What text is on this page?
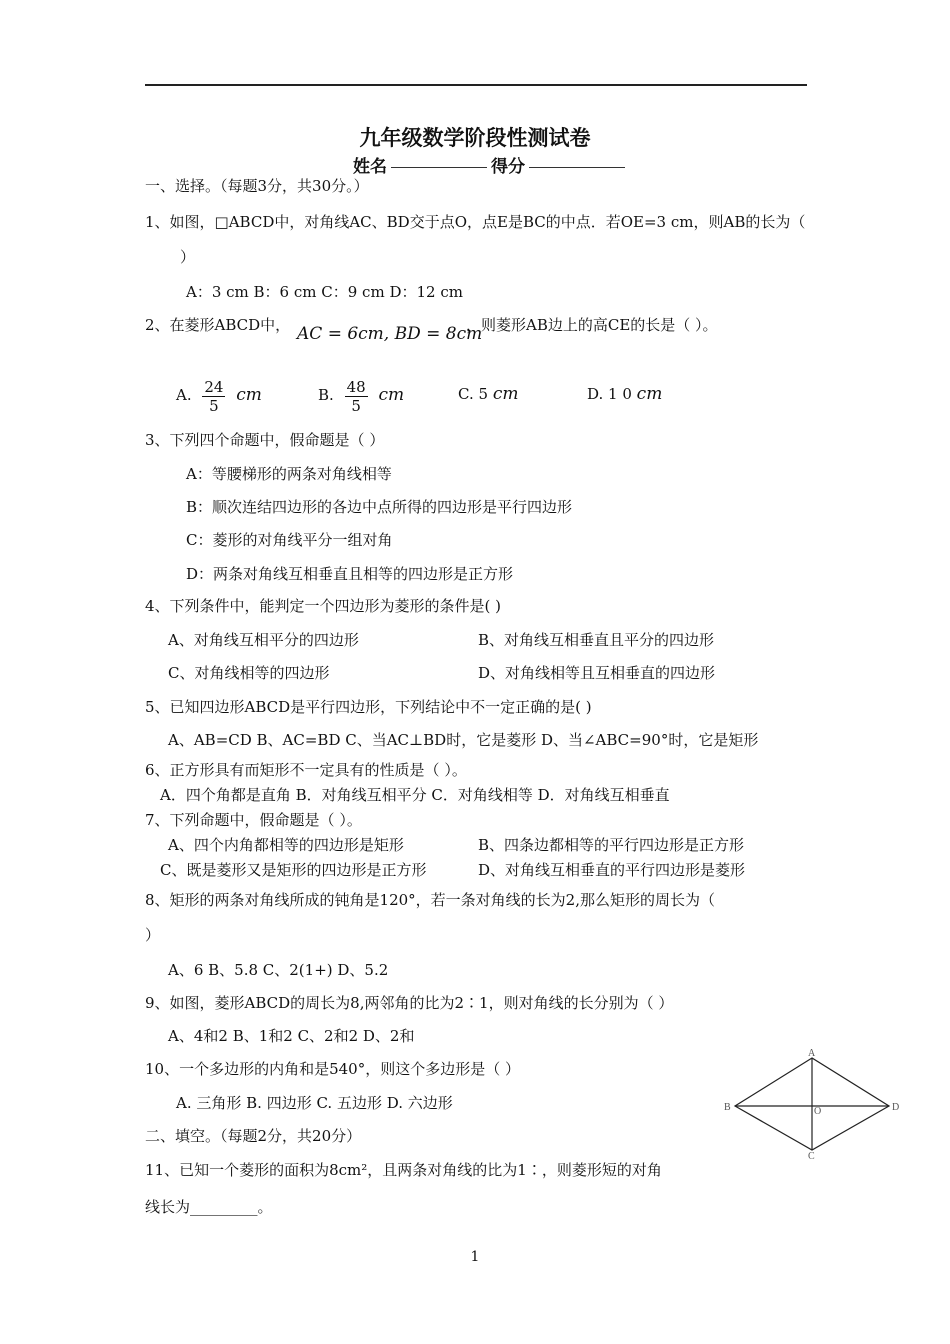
九年级数学阶段性测试卷
姓名	得分
一、选择。（每题3分，共30分。）
1、如图，□ABCD中，对角线AC、BD交于点O，点E是BC的中点．若OE=3 cm，则AB的长为（
）
A：3 cm B：6 cm C：9 cm D：12 cm
2、在菱形ABCD中， AC = 6cm, BD = 8cm
，则菱形AB边上的高CE的长是（ ）。
A. $\frac{24}{5}$ cm	B. $\frac{48}{5}$ cm	C. 5 cm	D. 1 0 cm
3、下列四个命题中，假命题是（ ）
A：等腰梯形的两条对角线相等
B：顺次连结四边形的各边中点所得的四边形是平行四边形
C：菱形的对角线平分一组对角
D：两条对角线互相垂直且相等的四边形是正方形
4、下列条件中，能判定一个四边形为菱形的条件是( )
A、对角线互相平分的四边形	B、对角线互相垂直且平分的四边形
C、对角线相等的四边形	D、对角线相等且互相垂直的四边形
5、已知四边形ABCD是平行四边形，下列结论中不一定正确的是( )
A、AB=CD B、AC=BD C、当AC⊥BD时，它是菱形 D、当∠ABC=90°时，它是矩形
6、正方形具有而矩形不一定具有的性质是（ ）。
A．四个角都是直角 B．对角线互相平分 C．对角线相等 D．对角线互相垂直
7、下列命题中，假命题是（ ）。
A、四个内角都相等的四边形是矩形	B、四条边都相等的平行四边形是正方形
C、既是菱形又是矩形的四边形是正方形	D、对角线互相垂直的平行四边形是菱形
8、矩形的两条对角线所成的钝角是120°，若一条对角线的长为2,那么矩形的周长为（
）
A、6 B、5.8 C、2(1+) D、5.2
9、如图，菱形ABCD的周长为8,两邻角的比为2∶1，则对角线的长分别为（ ）
A、4和2 B、1和2 C、2和2 D、2和
10、一个多边形的内角和是540°，则这个多边形是（ ）
A. 三角形 B. 四边形 C. 五边形 D. 六边形
二、填空。（每题2分，共20分）
11、已知一个菱形的面积为8cm²，且两条对角线的比为1∶，则菱形短的对角
线长为_________。
A
B
C
D
O
1
